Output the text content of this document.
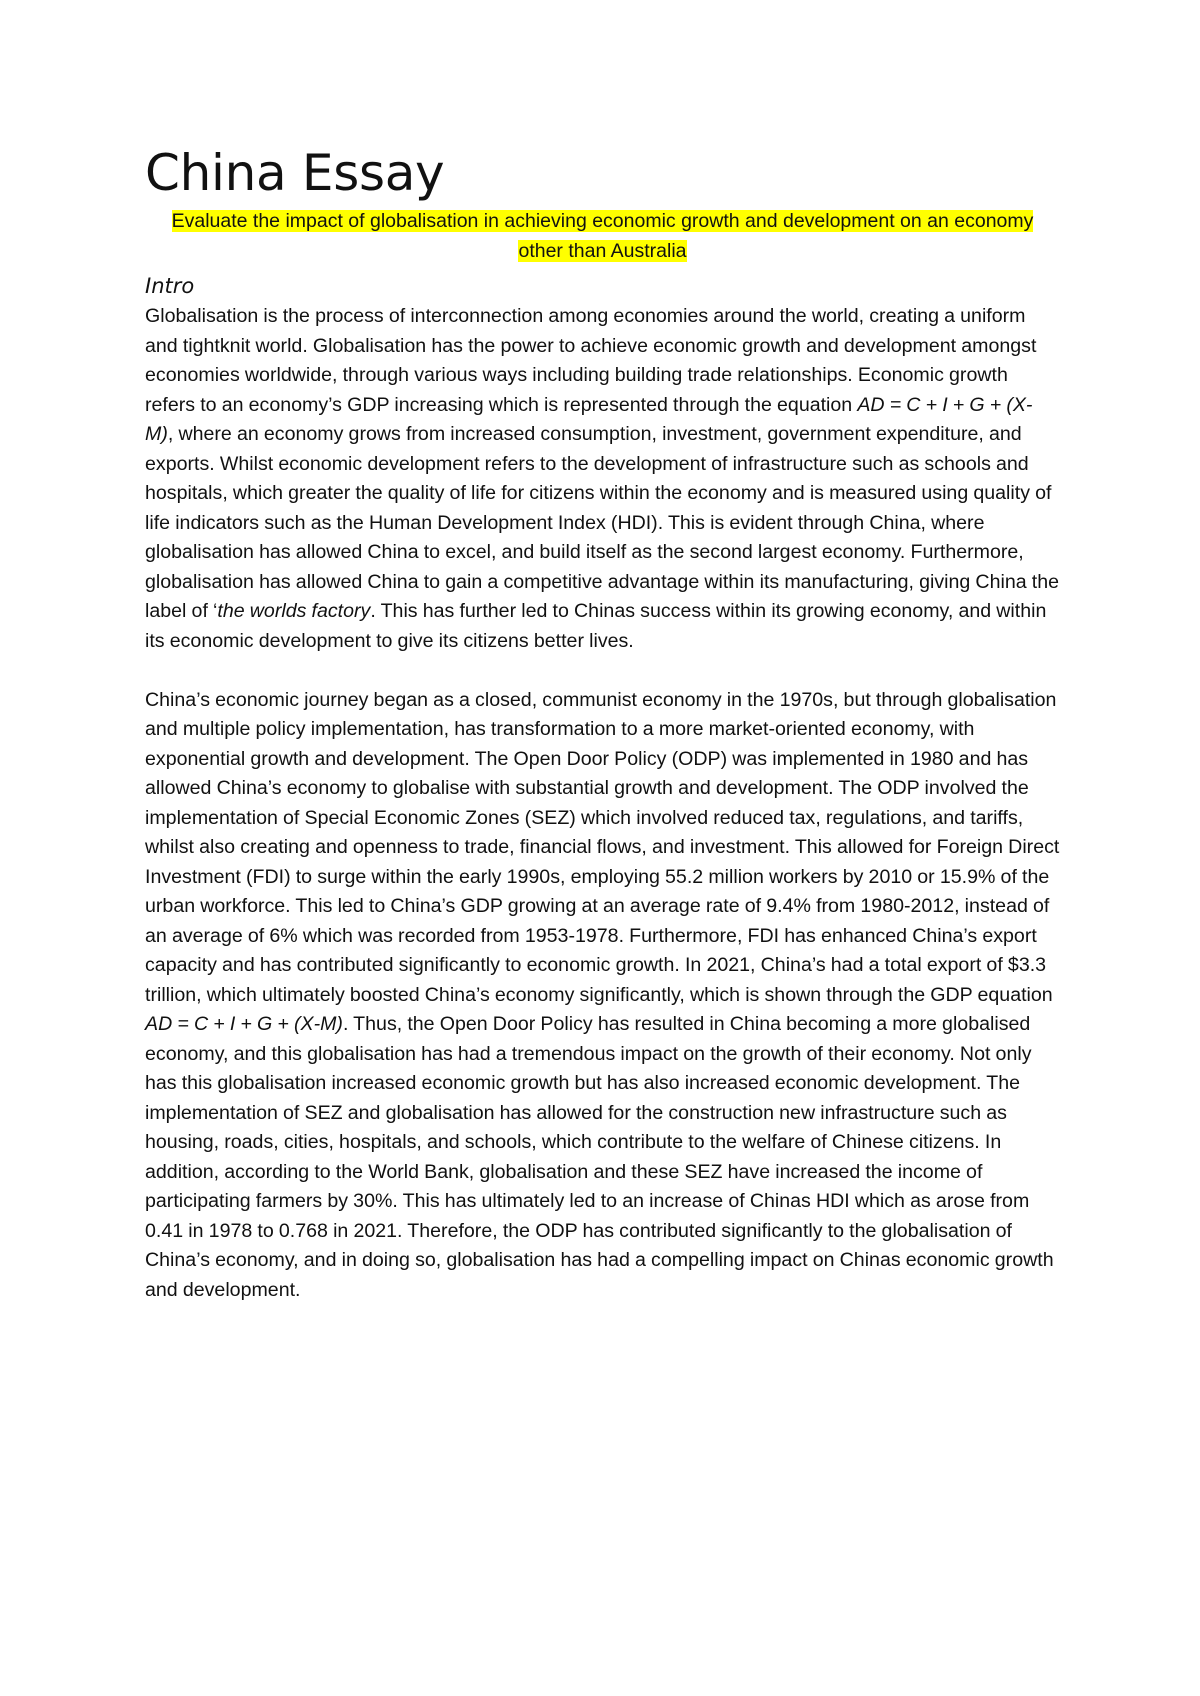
China Essay

Evaluate the impact of globalisation in achieving economic growth and development on an economy other than Australia

Intro

Globalisation is the process of interconnection among economies around the world, creating a uniform and tightknit world. Globalisation has the power to achieve economic growth and development amongst economies worldwide, through various ways including building trade relationships. Economic growth refers to an economy’s GDP increasing which is represented through the equation AD = C + I + G + (X-M), where an economy grows from increased consumption, investment, government expenditure, and exports. Whilst economic development refers to the development of infrastructure such as schools and hospitals, which greater the quality of life for citizens within the economy and is measured using quality of life indicators such as the Human Development Index (HDI). This is evident through China, where globalisation has allowed China to excel, and build itself as the second largest economy. Furthermore, globalisation has allowed China to gain a competitive advantage within its manufacturing, giving China the label of ‘the worlds factory. This has further led to Chinas success within its growing economy, and within its economic development to give its citizens better lives.

China’s economic journey began as a closed, communist economy in the 1970s, but through globalisation and multiple policy implementation, has transformation to a more market-oriented economy, with exponential growth and development. The Open Door Policy (ODP) was implemented in 1980 and has allowed China’s economy to globalise with substantial growth and development. The ODP involved the implementation of Special Economic Zones (SEZ) which involved reduced tax, regulations, and tariffs, whilst also creating and openness to trade, financial flows, and investment. This allowed for Foreign Direct Investment (FDI) to surge within the early 1990s, employing 55.2 million workers by 2010 or 15.9% of the urban workforce. This led to China’s GDP growing at an average rate of 9.4% from 1980-2012, instead of an average of 6% which was recorded from 1953-1978. Furthermore, FDI has enhanced China’s export capacity and has contributed significantly to economic growth. In 2021, China’s had a total export of $3.3 trillion, which ultimately boosted China’s economy significantly, which is shown through the GDP equation AD = C + I + G + (X-M). Thus, the Open Door Policy has resulted in China becoming a more globalised economy, and this globalisation has had a tremendous impact on the growth of their economy. Not only has this globalisation increased economic growth but has also increased economic development. The implementation of SEZ and globalisation has allowed for the construction new infrastructure such as housing, roads, cities, hospitals, and schools, which contribute to the welfare of Chinese citizens. In addition, according to the World Bank, globalisation and these SEZ have increased the income of participating farmers by 30%. This has ultimately led to an increase of Chinas HDI which as arose from 0.41 in 1978 to 0.768 in 2021. Therefore, the ODP has contributed significantly to the globalisation of China’s economy, and in doing so, globalisation has had a compelling impact on Chinas economic growth and development.
